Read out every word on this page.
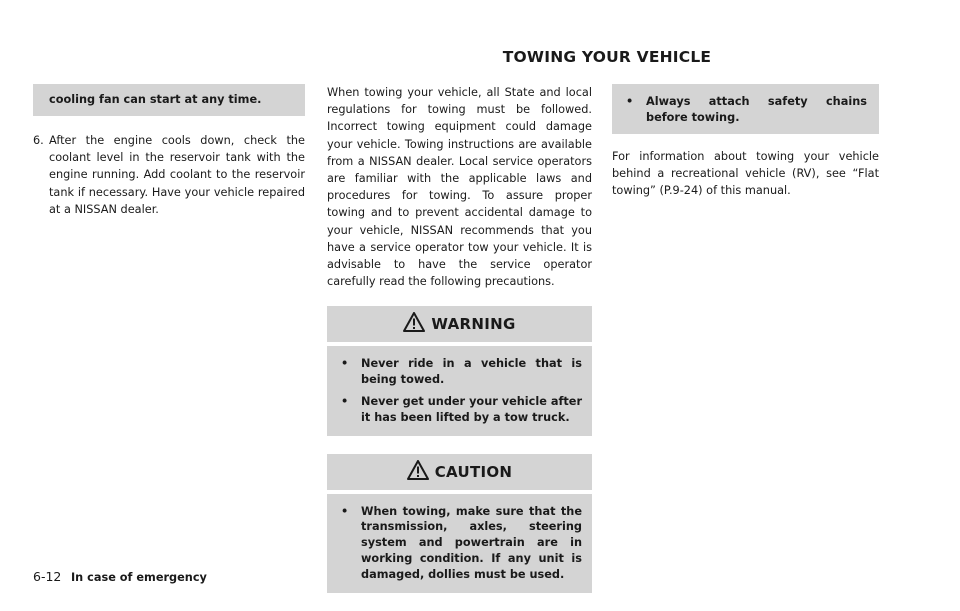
TOWING YOUR VEHICLE
cooling fan can start at any time.
6. After the engine cools down, check the coolant level in the reservoir tank with the engine running. Add coolant to the reservoir tank if necessary. Have your vehicle repaired at a NISSAN dealer.
When towing your vehicle, all State and local regulations for towing must be followed. Incorrect towing equipment could damage your vehicle. Towing instructions are available from a NISSAN dealer. Local service operators are familiar with the applicable laws and procedures for towing. To assure proper towing and to prevent accidental damage to your vehicle, NISSAN recommends that you have a service operator tow your vehicle. It is advisable to have the service operator carefully read the following precautions.
WARNING
• Never ride in a vehicle that is being towed.
• Never get under your vehicle after it has been lifted by a tow truck.
CAUTION
• When towing, make sure that the transmission, axles, steering system and powertrain are in working condition. If any unit is damaged, dollies must be used.
• Always attach safety chains before towing.
For information about towing your vehicle behind a recreational vehicle (RV), see “Flat towing” (P.9-24) of this manual.
6-12 In case of emergency
